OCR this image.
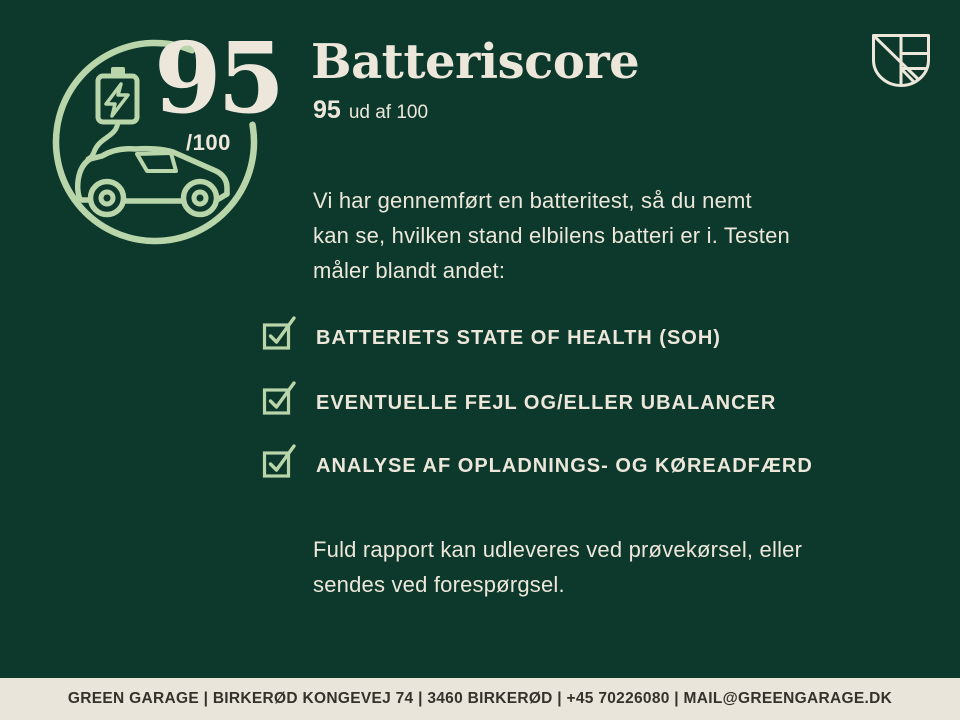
95
/100
Batteriscore
95 ud af 100
Vi har gennemført en batteritest, så du nemt
kan se, hvilken stand elbilens batteri er i. Testen
måler blandt andet:
BATTERIETS STATE OF HEALTH (SOH)
EVENTUELLE FEJL OG/ELLER UBALANCER
ANALYSE AF OPLADNINGS- OG KØREADFÆRD
Fuld rapport kan udleveres ved prøvekørsel, eller
sendes ved forespørgsel.
GREEN GARAGE | BIRKERØD KONGEVEJ 74 | 3460 BIRKERØD | +45 70226080 | MAIL@GREENGARAGE.DK
